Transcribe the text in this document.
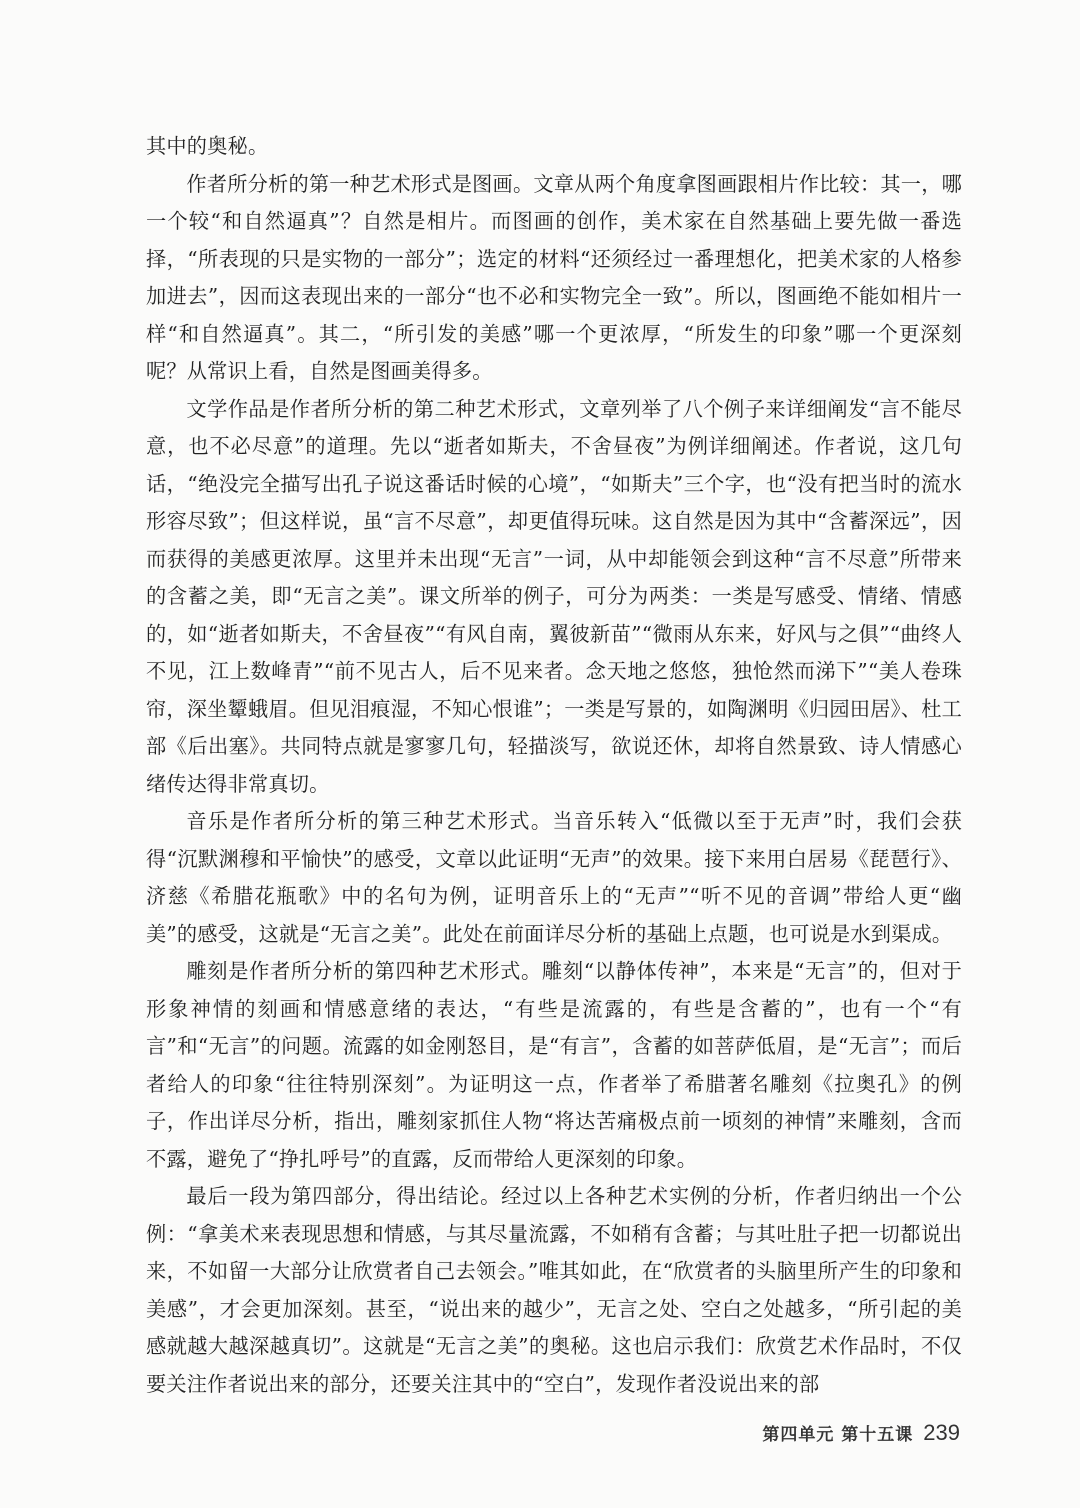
其中的奥秘。

作者所分析的第一种艺术形式是图画。文章从两个角度拿图画跟相片作比较：其一，哪一个较“和自然逼真”？自然是相片。而图画的创作，美术家在自然基础上要先做一番选择，“所表现的只是实物的一部分”；选定的材料“还须经过一番理想化，把美术家的人格参加进去”，因而这表现出来的一部分“也不必和实物完全一致”。所以，图画绝不能如相片一样“和自然逼真”。其二，“所引发的美感”哪一个更浓厚，“所发生的印象”哪一个更深刻呢？从常识上看，自然是图画美得多。

文学作品是作者所分析的第二种艺术形式，文章列举了八个例子来详细阐发“言不能尽意，也不必尽意”的道理。先以“逝者如斯夫，不舍昼夜”为例详细阐述。作者说，这几句话，“绝没完全描写出孔子说这番话时候的心境”，“如斯夫”三个字，也“没有把当时的流水形容尽致”；但这样说，虽“言不尽意”，却更值得玩味。这自然是因为其中“含蓄深远”，因而获得的美感更浓厚。这里并未出现“无言”一词，从中却能领会到这种“言不尽意”所带来的含蓄之美，即“无言之美”。课文所举的例子，可分为两类：一类是写感受、情绪、情感的，如“逝者如斯夫，不舍昼夜”“有风自南，翼彼新苗”“微雨从东来，好风与之俱”“曲终人不见，江上数峰青”“前不见古人，后不见来者。念天地之悠悠，独怆然而涕下”“美人卷珠帘，深坐颦蛾眉。但见泪痕湿，不知心恨谁”；一类是写景的，如陶渊明《归园田居》、杜工部《后出塞》。共同特点就是寥寥几句，轻描淡写，欲说还休，却将自然景致、诗人情感心绪传达得非常真切。

音乐是作者所分析的第三种艺术形式。当音乐转入“低微以至于无声”时，我们会获得“沉默渊穆和平愉快”的感受，文章以此证明“无声”的效果。接下来用白居易《琵琶行》、济慈《希腊花瓶歌》中的名句为例，证明音乐上的“无声”“听不见的音调”带给人更“幽美”的感受，这就是“无言之美”。此处在前面详尽分析的基础上点题，也可说是水到渠成。

雕刻是作者所分析的第四种艺术形式。雕刻“以静体传神”，本来是“无言”的，但对于形象神情的刻画和情感意绪的表达，“有些是流露的，有些是含蓄的”，也有一个“有言”和“无言”的问题。流露的如金刚怒目，是“有言”，含蓄的如菩萨低眉，是“无言”；而后者给人的印象“往往特别深刻”。为证明这一点，作者举了希腊著名雕刻《拉奥孔》的例子，作出详尽分析，指出，雕刻家抓住人物“将达苦痛极点前一顷刻的神情”来雕刻，含而不露，避免了“挣扎呼号”的直露，反而带给人更深刻的印象。

最后一段为第四部分，得出结论。经过以上各种艺术实例的分析，作者归纳出一个公例：“拿美术来表现思想和情感，与其尽量流露，不如稍有含蓄；与其吐肚子把一切都说出来，不如留一大部分让欣赏者自己去领会。”唯其如此，在“欣赏者的头脑里所产生的印象和美感”，才会更加深刻。甚至，“说出来的越少”，无言之处、空白之处越多，“所引起的美感就越大越深越真切”。这就是“无言之美”的奥秘。这也启示我们：欣赏艺术作品时，不仅要关注作者说出来的部分，还要关注其中的“空白”，发现作者没说出来的部

第四单元 第十五课 239
